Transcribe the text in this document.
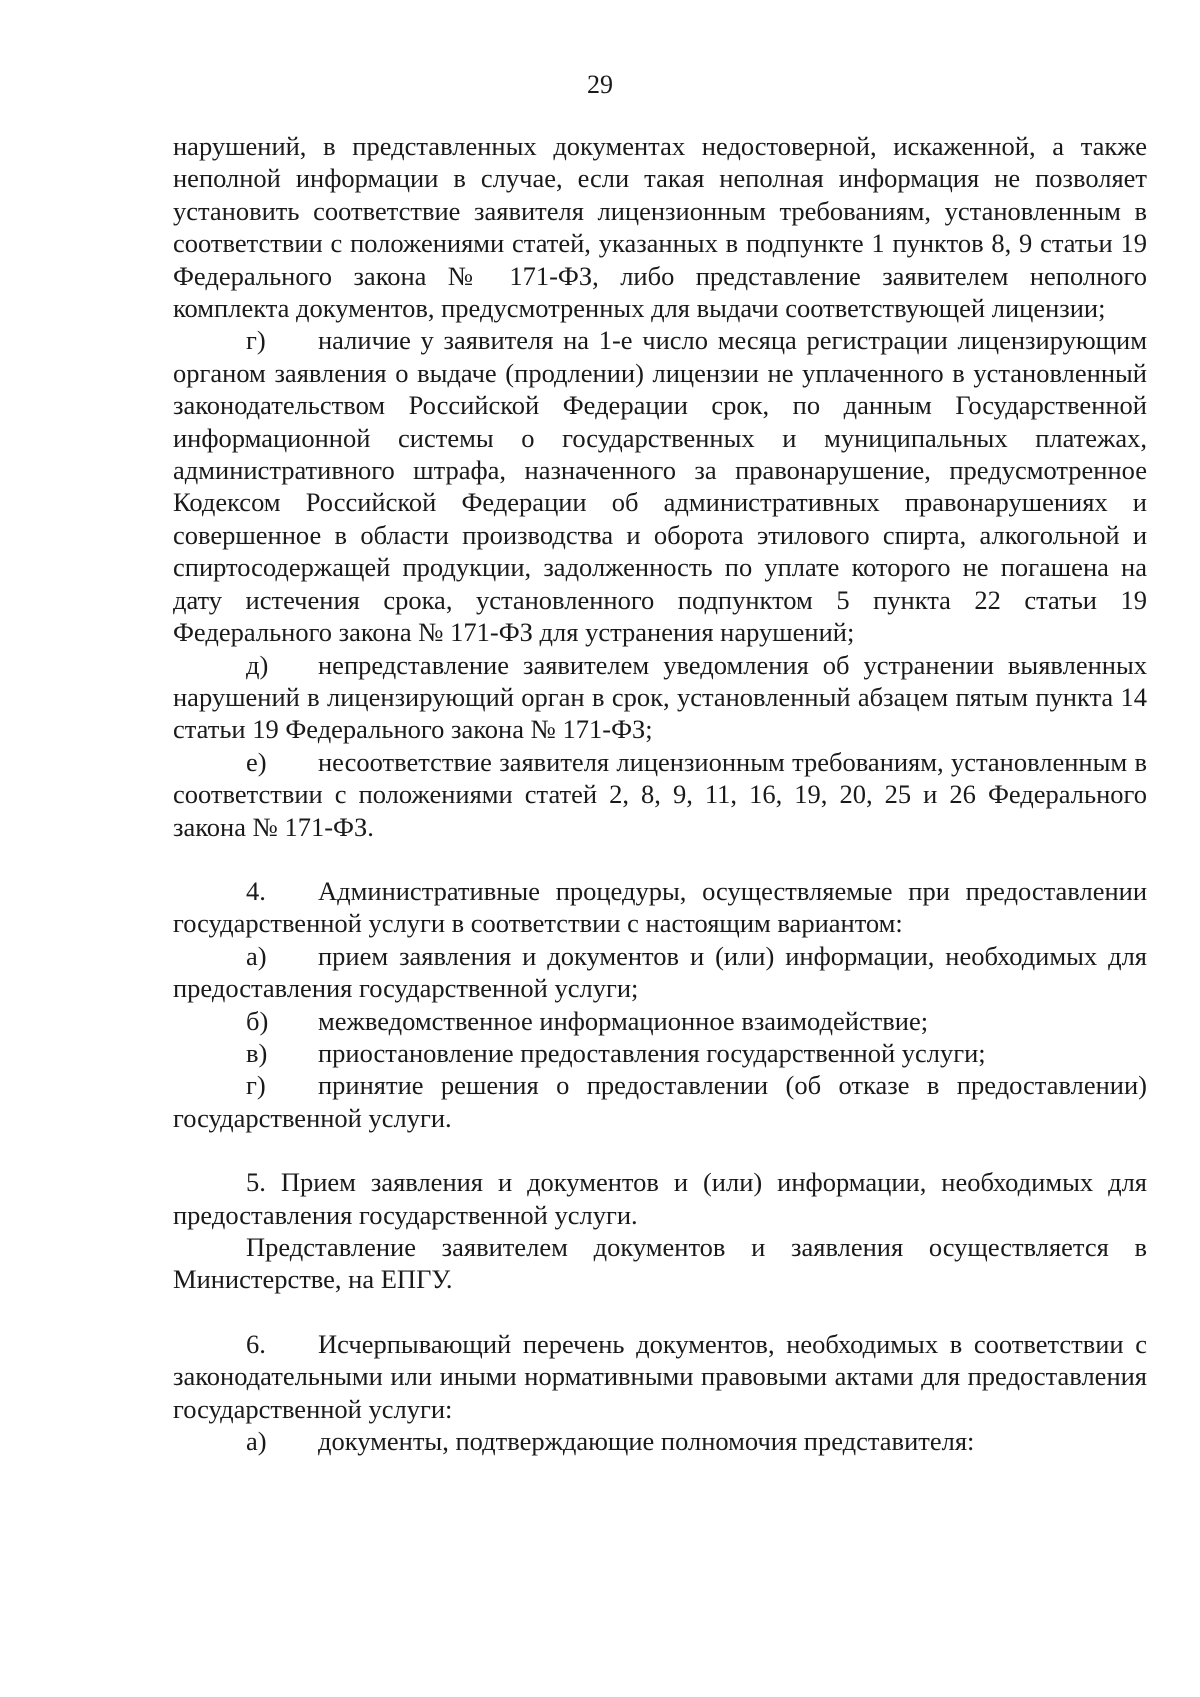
29

нарушений, в представленных документах недостоверной, искаженной, а также неполной информации в случае, если такая неполная информация не позволяет установить соответствие заявителя лицензионным требованиям, установленным в соответствии с положениями статей, указанных в подпункте 1 пунктов 8, 9 статьи 19 Федерального закона № 171-ФЗ, либо представление заявителем неполного комплекта документов, предусмотренных для выдачи соответствующей лицензии;

г) наличие у заявителя на 1-е число месяца регистрации лицензирующим органом заявления о выдаче (продлении) лицензии не уплаченного в установленный законодательством Российской Федерации срок, по данным Государственной информационной системы о государственных и муниципальных платежах, административного штрафа, назначенного за правонарушение, предусмотренное Кодексом Российской Федерации об административных правонарушениях и совершенное в области производства и оборота этилового спирта, алкогольной и спиртосодержащей продукции, задолженность по уплате которого не погашена на дату истечения срока, установленного подпунктом 5 пункта 22 статьи 19 Федерального закона № 171-ФЗ для устранения нарушений;

д) непредставление заявителем уведомления об устранении выявленных нарушений в лицензирующий орган в срок, установленный абзацем пятым пункта 14 статьи 19 Федерального закона № 171-ФЗ;

е) несоответствие заявителя лицензионным требованиям, установленным в соответствии с положениями статей 2, 8, 9, 11, 16, 19, 20, 25 и 26 Федерального закона № 171-ФЗ.

4. Административные процедуры, осуществляемые при предоставлении государственной услуги в соответствии с настоящим вариантом:

а) прием заявления и документов и (или) информации, необходимых для предоставления государственной услуги;

б) межведомственное информационное взаимодействие;

в) приостановление предоставления государственной услуги;

г) принятие решения о предоставлении (об отказе в предоставлении) государственной услуги.

5. Прием заявления и документов и (или) информации, необходимых для предоставления государственной услуги.

Представление заявителем документов и заявления осуществляется в Министерстве, на ЕПГУ.

6. Исчерпывающий перечень документов, необходимых в соответствии с законодательными или иными нормативными правовыми актами для предоставления государственной услуги:

а) документы, подтверждающие полномочия представителя:
